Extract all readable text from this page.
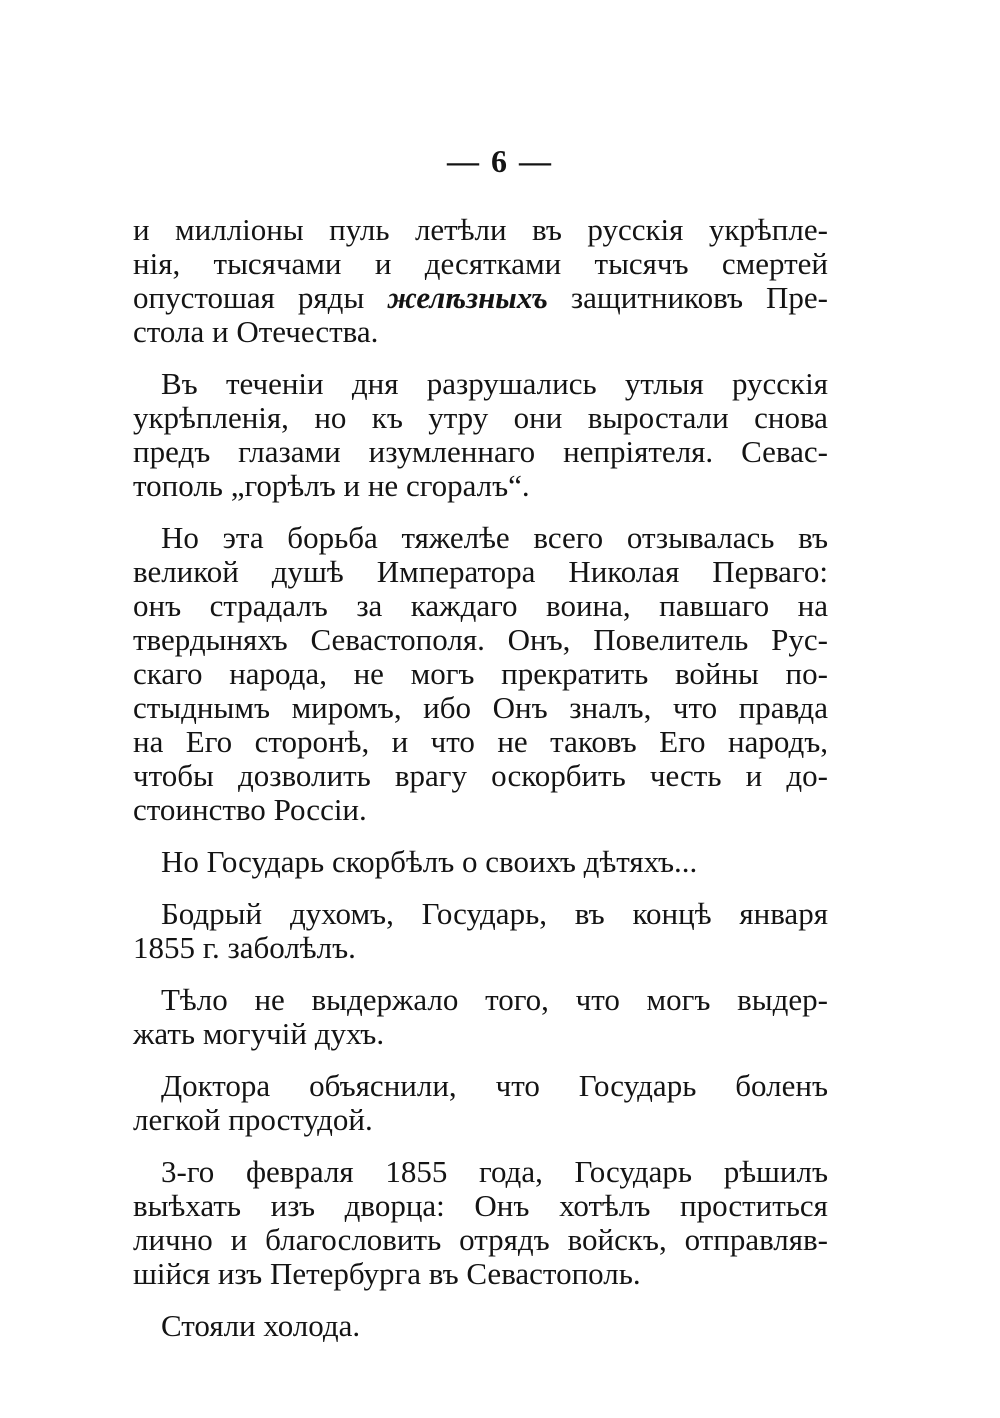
— 6 —
и милліоны пуль летѣли въ русскія укрѣпле-
нія, тысячами и десятками тысячъ смертей
опустошая ряды желѣзныхъ защитниковъ Пре-
стола и Отечества.
Въ теченіи дня разрушались утлыя русскія
укрѣпленія, но къ утру они выростали снова
предъ глазами изумленнаго непріятеля. Севас-
тополь „горѣлъ и не сгоралъ“.
Но эта борьба тяжелѣе всего отзывалась въ
великой душѣ Императора Николая Перваго:
онъ страдалъ за каждаго воина, павшаго на
твердыняхъ Севастополя. Онъ, Повелитель Рус-
скаго народа, не могъ прекратить войны по-
стыднымъ миромъ, ибо Онъ зналъ, что правда
на Его сторонѣ, и что не таковъ Его народъ,
чтобы дозволить врагу оскорбить честь и до-
стоинство Россіи.
Но Государь скорбѣлъ о своихъ дѣтяхъ...
Бодрый духомъ, Государь, въ концѣ января
1855 г. заболѣлъ.
Тѣло не выдержало того, что могъ выдер-
жать могучій духъ.
Доктора объяснили, что Государь боленъ
легкой простудой.
3-го февраля 1855 года, Государь рѣшилъ
выѣхать изъ дворца: Онъ хотѣлъ проститься
лично и благословить отрядъ войскъ, отправляв-
шійся изъ Петербурга въ Севастополь.
Стояли холода.
